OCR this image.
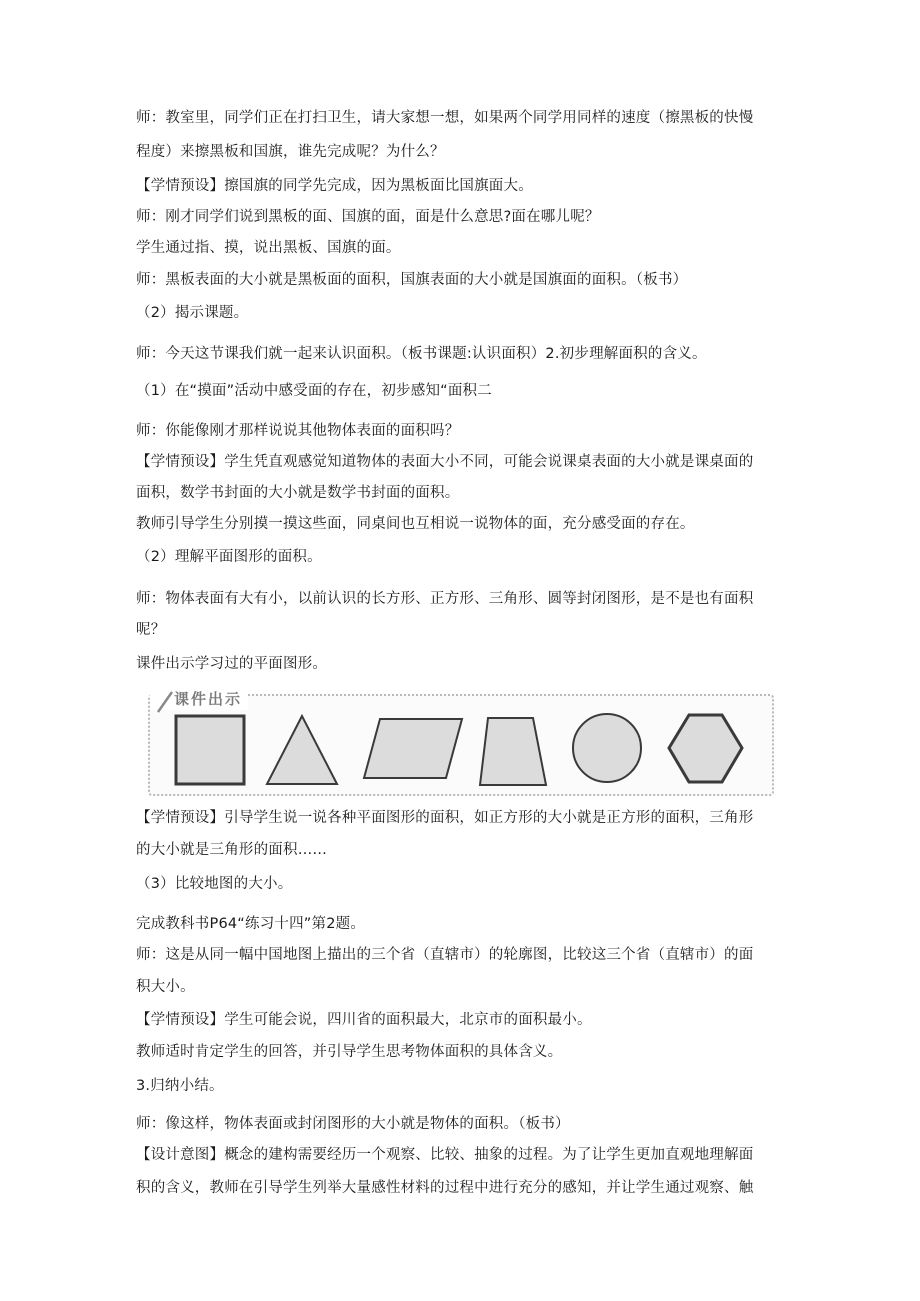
师：教室里，同学们正在打扫卫生，请大家想一想，如果两个同学用同样的速度（擦黑板的快慢
程度）来擦黑板和国旗，谁先完成呢？为什么？
【学情预设】擦国旗的同学先完成，因为黑板面比国旗面大。
师：刚才同学们说到黑板的面、国旗的面，面是什么意思?面在哪儿呢？
学生通过指、摸，说出黑板、国旗的面。
师：黑板表面的大小就是黑板面的面积，国旗表面的大小就是国旗面的面积。（板书）
（2）揭示课题。
师：今天这节课我们就一起来认识面积。（板书课题:认识面积）2.初步理解面积的含义。
（1）在“摸面”活动中感受面的存在，初步感知“面积二
师：你能像刚才那样说说其他物体表面的面积吗？
【学情预设】学生凭直观感觉知道物体的表面大小不同，可能会说课桌表面的大小就是课桌面的
面积，数学书封面的大小就是数学书封面的面积。
教师引导学生分别摸一摸这些面，同桌间也互相说一说物体的面，充分感受面的存在。
（2）理解平面图形的面积。
师：物体表面有大有小，以前认识的长方形、正方形、三角形、圆等封闭图形，是不是也有面积
呢？
课件出示学习过的平面图形。
课件出示
【学情预设】引导学生说一说各种平面图形的面积，如正方形的大小就是正方形的面积，三角形
的大小就是三角形的面积……
（3）比较地图的大小。
完成教科书P64“练习十四”第2题。
师：这是从同一幅中国地图上描出的三个省（直辖市）的轮廓图，比较这三个省（直辖市）的面
积大小。
【学情预设】学生可能会说，四川省的面积最大，北京市的面积最小。
教师适时肯定学生的回答，并引导学生思考物体面积的具体含义。
3.归纳小结。
师：像这样，物体表面或封闭图形的大小就是物体的面积。（板书）
【设计意图】概念的建构需要经历一个观察、比较、抽象的过程。为了让学生更加直观地理解面
积的含义，教师在引导学生列举大量感性材料的过程中进行充分的感知，并让学生通过观察、触
